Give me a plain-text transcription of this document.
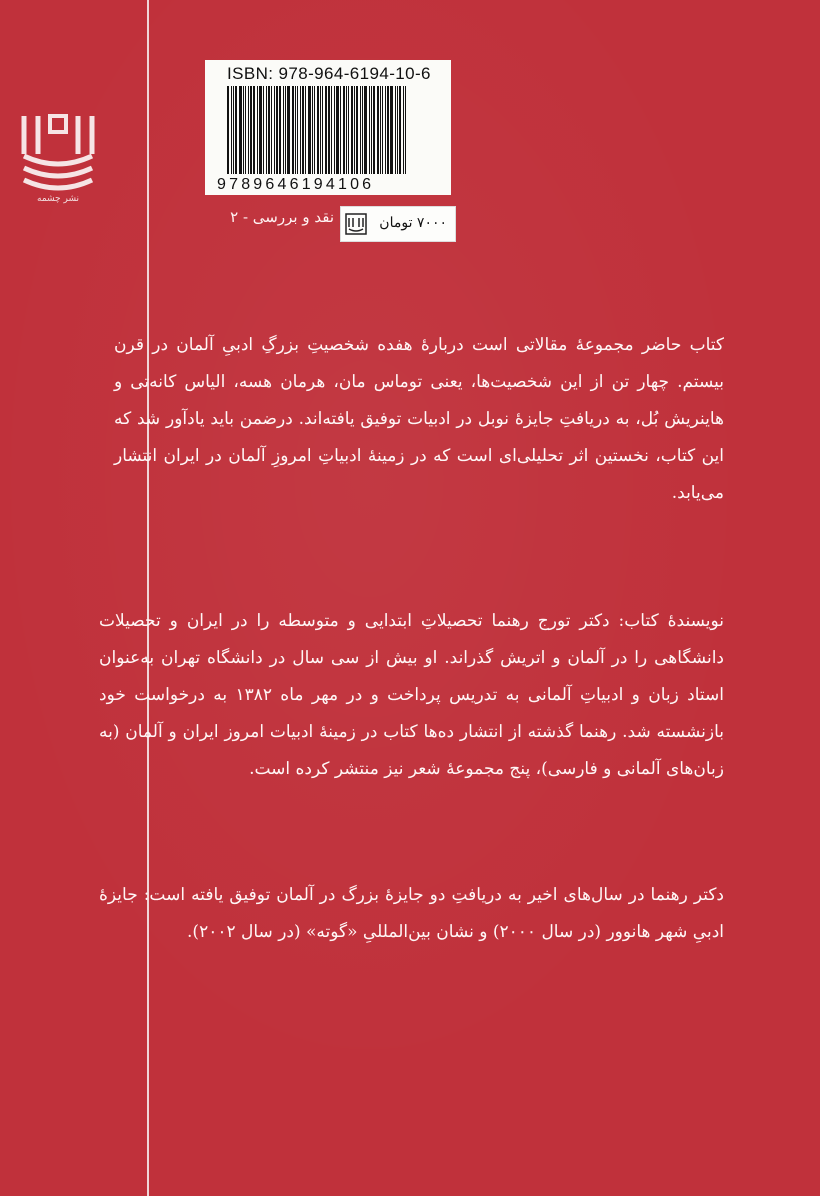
نشر چشمه
ISBN: 978-964-6194-10-6
9789646194106
نقد و بررسی - ۲	۷۰۰۰ تومان

کتاب حاضر مجموعهٔ مقالاتی است دربارهٔ هفده شخصیتِ بزرگِ ادبیِ آلمان در قرن بیستم. چهار تن از این شخصیت‌ها، یعنی توماس مان، هرمان هسه، الیاس کانه‌تی و هاینریش بُل، به دریافتِ جایزهٔ نوبل در ادبیات توفیق یافته‌اند. درضمن باید یادآور شد که این کتاب، نخستین اثر تحلیلی‌ای است که در زمینهٔ ادبیاتِ امروزِ آلمان در ایران انتشار می‌یابد.

نویسندهٔ کتاب: دکتر تورج رهنما تحصیلاتِ ابتدایی و متوسطه را در ایران و تحصیلات دانشگاهی را در آلمان و اتریش گذراند. او بیش از سی سال در دانشگاه تهران به‌عنوان استاد زبان و ادبیاتِ آلمانی به تدریس پرداخت و در مهر ماه ۱۳۸۲ به درخواست خود بازنشسته شد. رهنما گذشته از انتشار ده‌ها کتاب در زمینهٔ ادبیات امروز ایران و آلمان (به زبان‌های آلمانی و فارسی)، پنج مجموعهٔ شعر نیز منتشر کرده است.

دکتر رهنما در سال‌های اخیر به دریافتِ دو جایزهٔ بزرگ در آلمان توفیق یافته است: جایزهٔ ادبیِ شهر هانوور (در سال ۲۰۰۰) و نشان بین‌المللیِ «گوته» (در سال ۲۰۰۲).
